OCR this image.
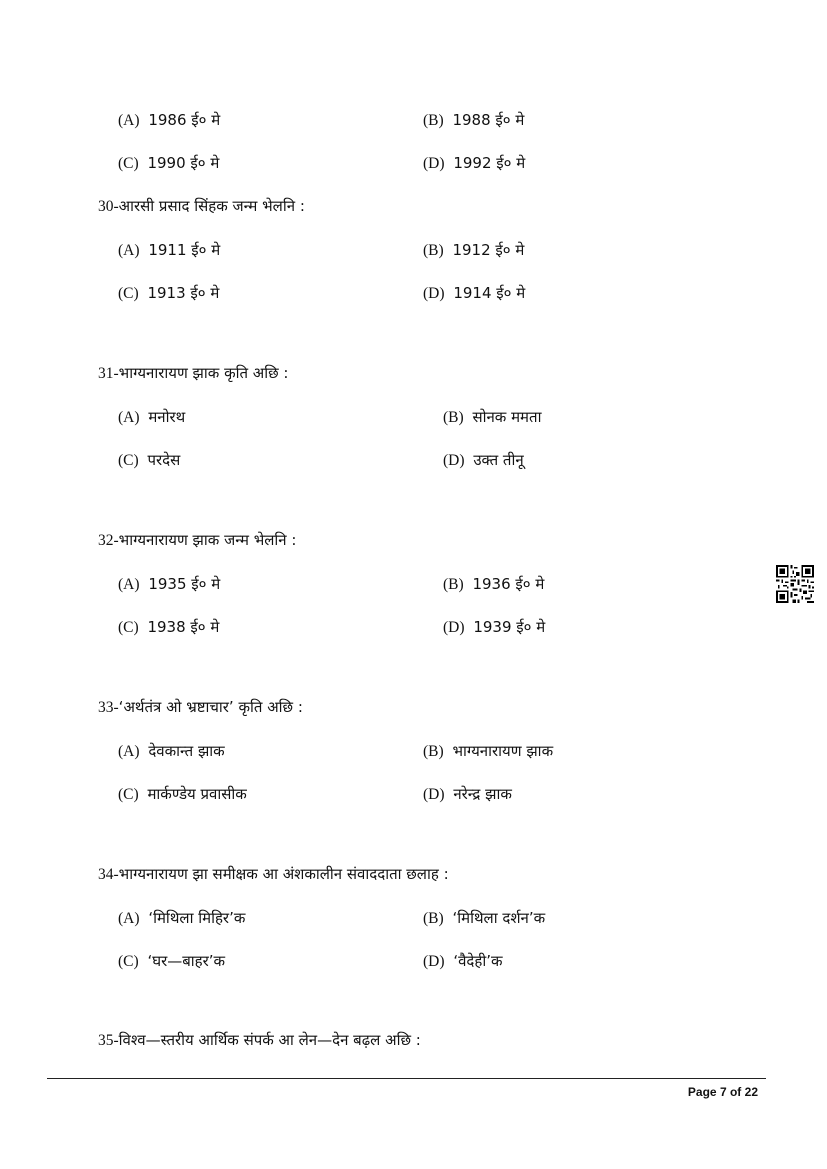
(A) 1986 ई० मे	(B) 1988 ई० मे
(C) 1990 ई० मे	(D) 1992 ई० मे
30-आरसी प्रसाद सिंहक जन्म भेलनि :
(A) 1911 ई० मे	(B) 1912 ई० मे
(C) 1913 ई० मे	(D) 1914 ई० मे
31-भाग्यनारायण झाक कृति अछि :
(A) मनोरथ	(B) सोनक ममता
(C) परदेस	(D) उक्त तीनू
32-भाग्यनारायण झाक जन्म भेलनि :
(A) 1935 ई० मे	(B) 1936 ई० मे
(C) 1938 ई० मे	(D) 1939 ई० मे
33-‘अर्थतंत्र ओ भ्रष्टाचार’ कृति अछि :
(A) देवकान्त झाक	(B) भाग्यनारायण झाक
(C) मार्कण्डेय प्रवासीक	(D) नरेन्द्र झाक
34-भाग्यनारायण झा समीक्षक आ अंशकालीन संवाददाता छलाह :
(A) ‘मिथिला मिहिर’क	(B) ‘मिथिला दर्शन’क
(C) ‘घर—बाहर’क	(D) ‘वैदेही’क
35-विश्व—स्तरीय आर्थिक संपर्क आ लेन—देन बढ़ल अछि :
Page 7 of 22
